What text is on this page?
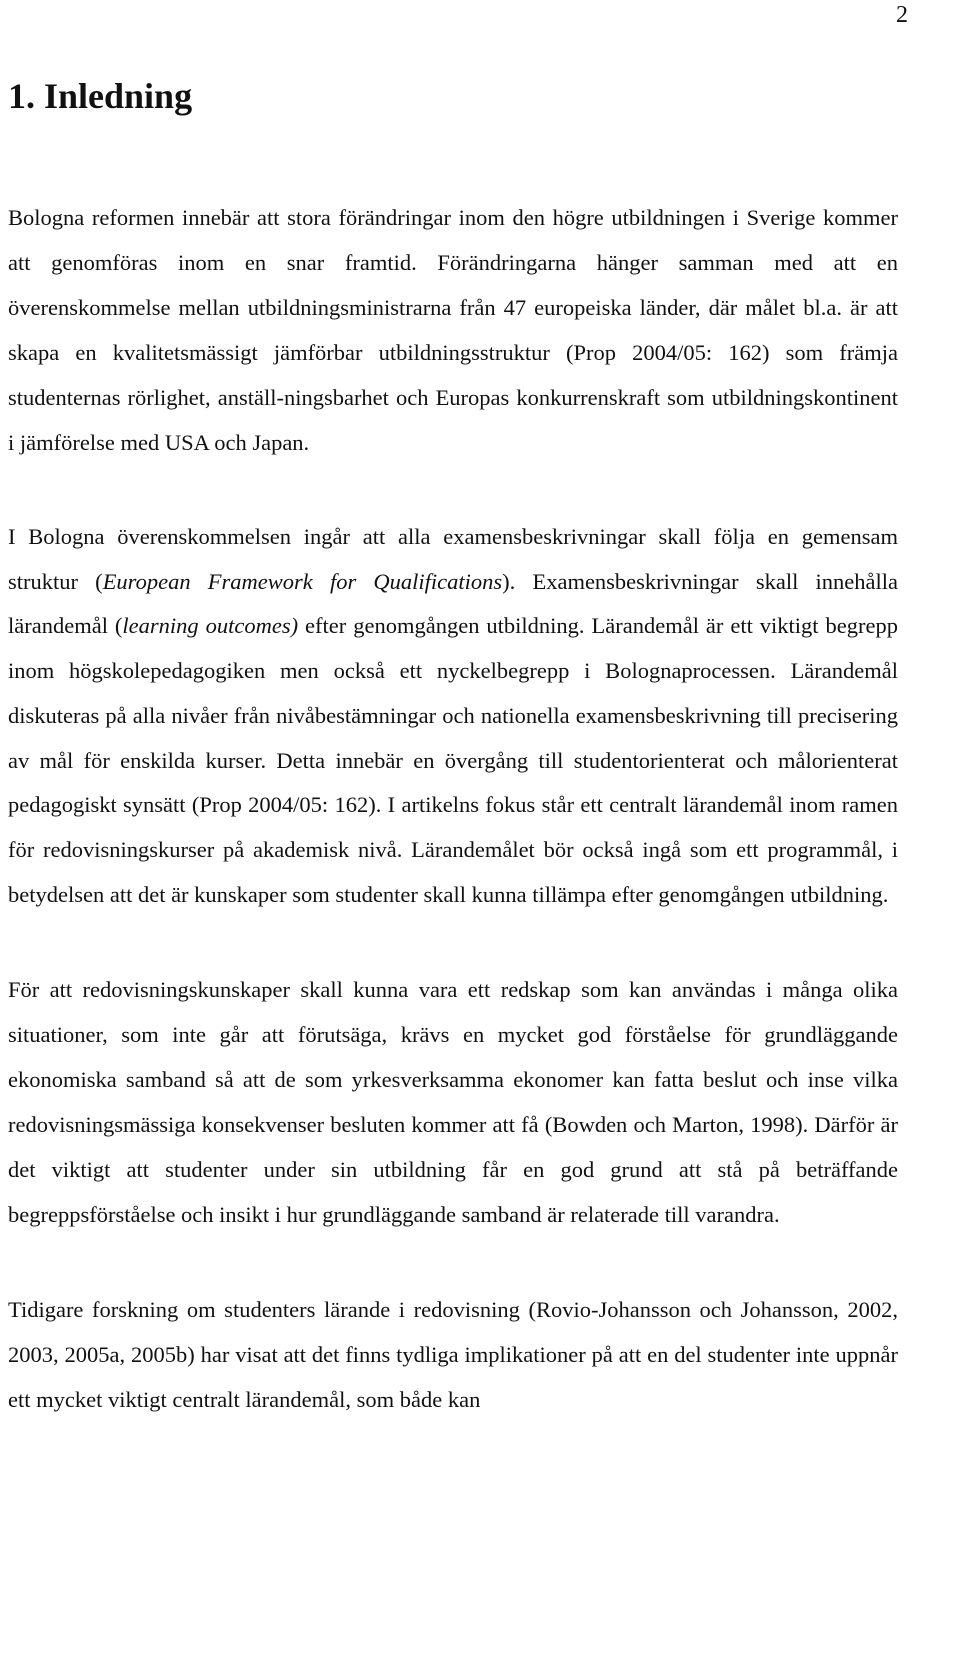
2
1. Inledning

Bologna reformen innebär att stora förändringar inom den högre utbildningen i Sverige kommer att genomföras inom en snar framtid. Förändringarna hänger samman med att en överenskommelse mellan utbildningsministrarna från 47 europeiska länder, där målet bl.a. är att skapa en kvalitetsmässigt jämförbar utbildningsstruktur (Prop 2004/05: 162) som främja studenternas rörlighet, anställ-ningsbarhet och Europas konkurrenskraft som utbildningskontinent i jämförelse med USA och Japan.

I Bologna överenskommelsen ingår att alla examensbeskrivningar skall följa en gemensam struktur (European Framework for Qualifications). Examensbeskrivningar skall innehålla lärandemål (learning outcomes) efter genomgången utbildning. Lärandemål är ett viktigt begrepp inom högskolepedagogiken men också ett nyckelbegrepp i Bolognaprocessen. Lärandemål diskuteras på alla nivåer från nivåbestämningar och nationella examensbeskrivning till precisering av mål för enskilda kurser. Detta innebär en övergång till studentorienterat och målorienterat pedagogiskt synsätt (Prop 2004/05: 162). I artikelns fokus står ett centralt lärandemål inom ramen för redovisningskurser på akademisk nivå. Lärandemålet bör också ingå som ett programmål, i betydelsen att det är kunskaper som studenter skall kunna tillämpa efter genomgången utbildning.

För att redovisningskunskaper skall kunna vara ett redskap som kan användas i många olika situationer, som inte går att förutsäga, krävs en mycket god förståelse för grundläggande ekonomiska samband så att de som yrkesverksamma ekonomer kan fatta beslut och inse vilka redovisningsmässiga konsekvenser besluten kommer att få (Bowden och Marton, 1998). Därför är det viktigt att studenter under sin utbildning får en god grund att stå på beträffande begreppsförståelse och insikt i hur grundläggande samband är relaterade till varandra.

Tidigare forskning om studenters lärande i redovisning (Rovio-Johansson och Johansson, 2002, 2003, 2005a, 2005b) har visat att det finns tydliga implikationer på att en del studenter inte uppnår ett mycket viktigt centralt lärandemål, som både kan
